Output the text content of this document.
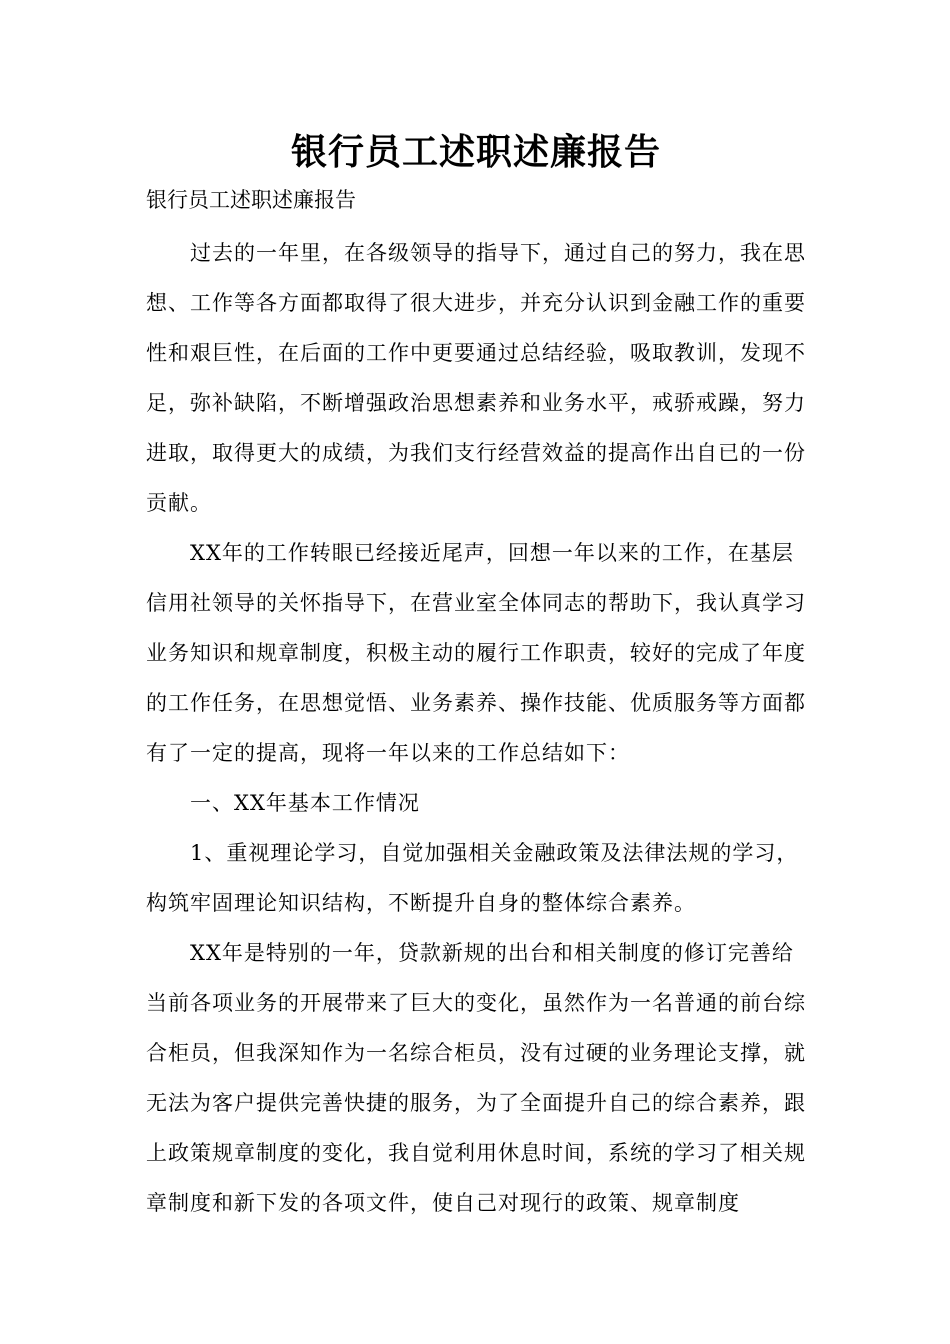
银行员工述职述廉报告

银行员工述职述廉报告

过去的一年里，在各级领导的指导下，通过自己的努力，我在思想、工作等各方面都取得了很大进步，并充分认识到金融工作的重要性和艰巨性，在后面的工作中更要通过总结经验，吸取教训，发现不足，弥补缺陷，不断增强政治思想素养和业务水平，戒骄戒躁，努力进取，取得更大的成绩，为我们支行经营效益的提高作出自已的一份贡献。

XX年的工作转眼已经接近尾声，回想一年以来的工作，在基层信用社领导的关怀指导下，在营业室全体同志的帮助下，我认真学习业务知识和规章制度，积极主动的履行工作职责，较好的完成了年度的工作任务，在思想觉悟、业务素养、操作技能、优质服务等方面都有了一定的提高，现将一年以来的工作总结如下：

一、XX年基本工作情况

1、重视理论学习，自觉加强相关金融政策及法律法规的学习，构筑牢固理论知识结构，不断提升自身的整体综合素养。

XX年是特别的一年，贷款新规的出台和相关制度的修订完善给当前各项业务的开展带来了巨大的变化，虽然作为一名普通的前台综合柜员，但我深知作为一名综合柜员，没有过硬的业务理论支撑，就无法为客户提供完善快捷的服务，为了全面提升自己的综合素养，跟上政策规章制度的变化，我自觉利用休息时间，系统的学习了相关规章制度和新下发的各项文件，使自己对现行的政策、规章制度
